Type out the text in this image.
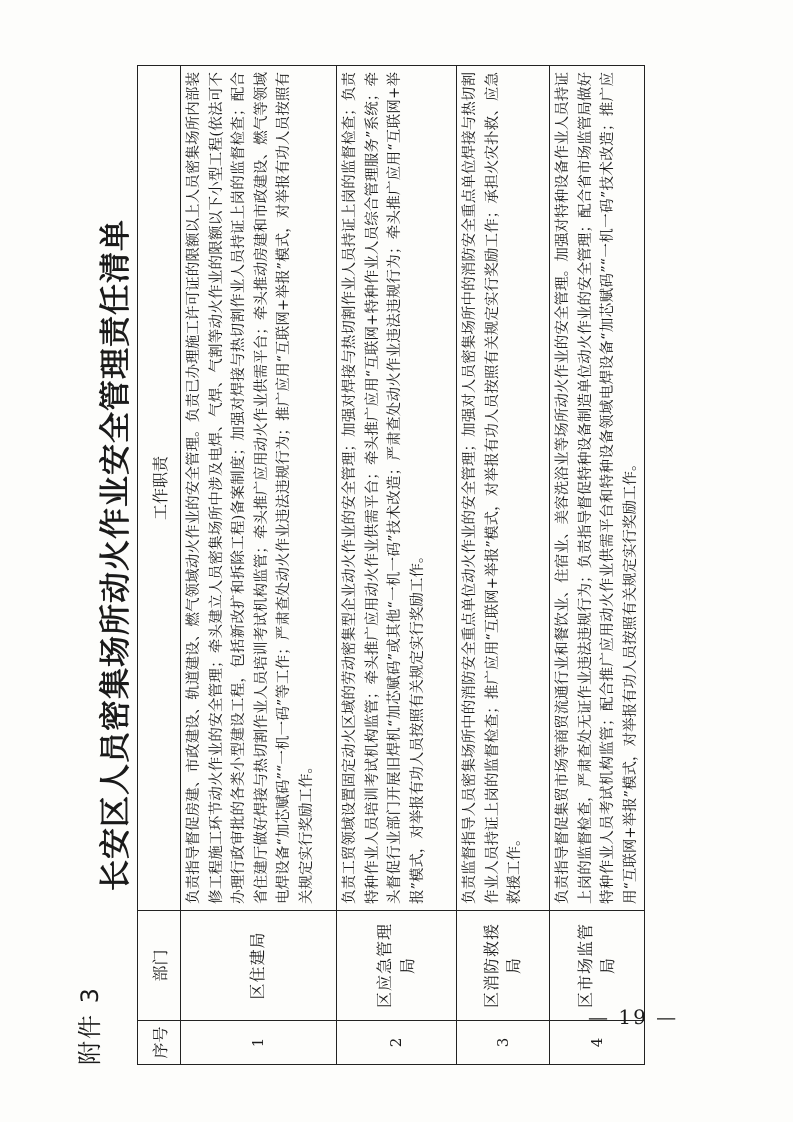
附件 3
长安区人员密集场所动火作业安全管理责任清单
序号	部门	工作职责
1	区住建局	负责指导督促房建、市政建设、轨道建设、燃气领域动火作业的安全管理。负责已办理施工许可证的限额以上人员密集场所内部装修工程施工环节动火作业的安全管理；牵头建立人员密集场所中涉及电焊、气焊、气割等动火作业的限额以下小型工程(依法可不办理行政审批的各类小型建设工程，包括新改扩和拆除工程)备案制度；加强对焊接与热切割作业人员持证上岗的监督检查；配合省住建厅做好焊接与热切割作业人员培训考试机构监管；牵头推广应用动火作业供需平台；牵头推动房建和市政建设、燃气等领域电焊设备“加芯赋码”“一机一码”等工作；严肃查处动火作业违法违规行为；推广应用“互联网+举报”模式，对举报有功人员按照有关规定实行奖励工作。

2	区应急管理局	负责工贸领域设置固定动火区域的劳动密集型企业动火作业的安全管理；加强对焊接与热切割作业人员持证上岗的监督检查；负责特种作业人员培训考试机构监管；牵头推广应用动火作业供需平台；牵头推广应用“互联网+特种作业人员综合管理服务”系统；牵头督促行业部门开展旧焊机“加芯赋码”或其他“一机一码”技术改造；严肃查处动火作业违法违规行为；牵头推广应用“互联网+举报”模式，对举报有功人员按照有关规定实行奖励工作。

3	区消防救援局	负责监督指导人员密集场所中的消防安全重点单位动火作业的安全管理；加强对人员密集场所中的消防安全重点单位焊接与热切割作业人员持证上岗的监督检查；推广应用“互联网+举报”模式，对举报有功人员按照有关规定实行奖励工作；承担火灾扑救、应急救援工作。

4	区市场监管局	负责指导督促集贸市场等商贸流通行业和餐饮业、住宿业、美容洗浴业等场所动火作业的安全管理。加强对特种设备作业人员持证上岗的监督检查，严肃查处无证作业违法违规行为；负责指导督促特种设备制造单位动火作业的安全管理；配合省市场监管局做好特种作业人员考试机构监管；配合推广应用动火作业供需平台和特种设备领域电焊设备“加芯赋码”“一机一码”技术改造；推广应用“互联网+举报”模式，对举报有功人员按照有关规定实行奖励工作。

— 19 —
